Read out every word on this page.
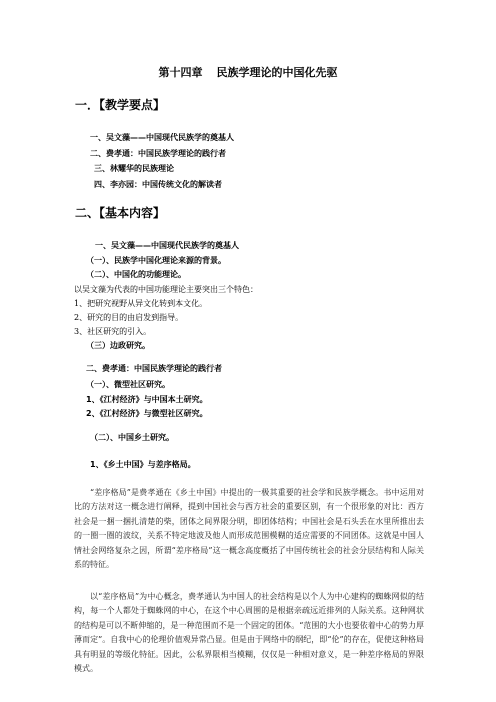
第十四章 民族学理论的中国化先驱
一．【教学要点】
一、吴文藻——中国现代民族学的奠基人
二、费孝通：中国民族学理论的践行者
三、林耀华的民族理论
四、李亦园：中国传统文化的解读者
二、【基本内容】
一、吴文藻——中国现代民族学的奠基人
（一）、民族学中国化理论来源的背景。
（二）、中国化的功能理论。
以吴文藻为代表的中国功能理论主要突出三个特色：
1、把研究视野从异文化转到本文化。
2、研究的目的由启发到指导。
3、社区研究的引入。
（三）边政研究。
二、费孝通：中国民族学理论的践行者
（一）、微型社区研究。
1、《江村经济》与中国本土研究。
2、《江村经济》与微型社区研究。
（二）、中国乡土研究。
1、《乡土中国》与差序格局。
“差序格局”是费孝通在《乡土中国》中提出的一极其重要的社会学和民族学概念。书中运用对比的方法对这一概念进行阐释，提到中国社会与西方社会的重要区别，有一个很形象的对比：西方社会是一捆一捆扎清楚的柴，团体之间界限分明，即团体结构；中国社会是石头丢在水里所推出去的一圈一圈的波纹，关系不特定地波及他人而形成范围模糊的适应需要的不同团体。这就是中国人情社会网络复杂之因，所谓“差序格局”这一概念高度概括了中国传统社会的社会分层结构和人际关系的特征。
以“差序格局”为中心概念，费孝通认为中国人的社会结构是以个人为中心建构的蜘蛛网似的结构，每一个人都处于蜘蛛网的中心，在这个中心周围的是根据亲疏远近排列的人际关系。这种网状的结构是可以不断伸缩的，是一种范围而不是一个固定的团体。“范围的大小也要依着中心的势力厚薄而定”。自我中心的伦理价值观异常凸显。但是由于网络中的纲纪，即“伦”的存在，促使这种格局具有明显的等级化特征。因此，公私界限相当模糊，仅仅是一种相对意义，是一种差序格局的界限模式。
